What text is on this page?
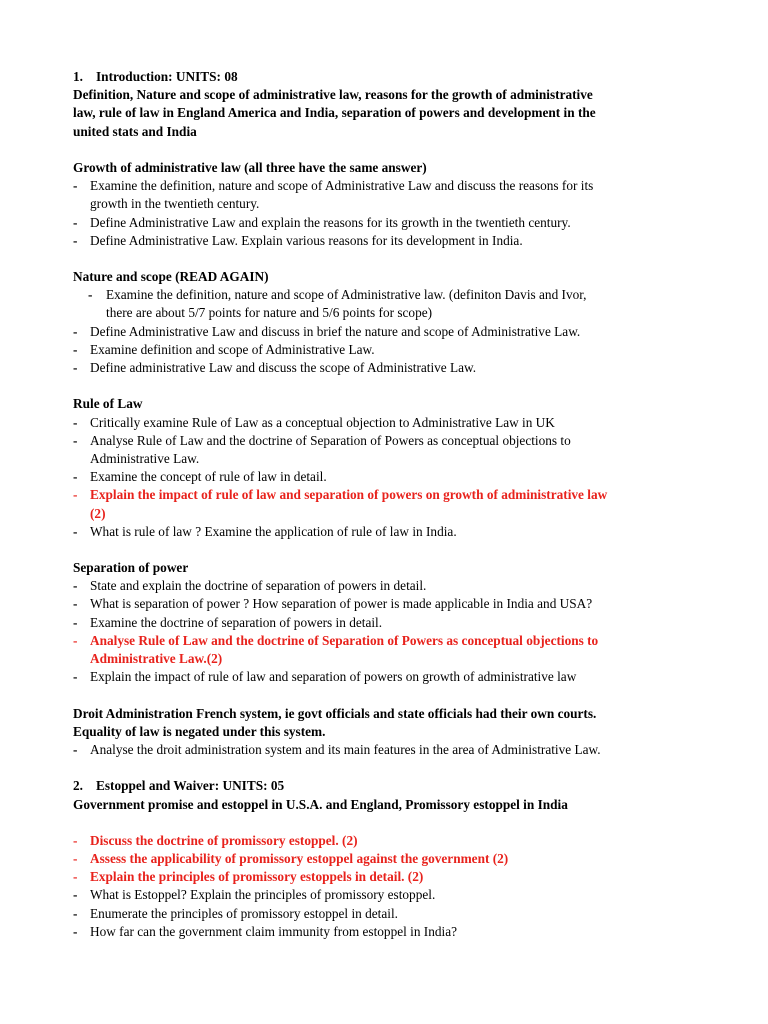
1. Introduction: UNITS: 08
Definition, Nature and scope of administrative law, reasons for the growth of administrative
law, rule of law in England America and India, separation of powers and development in the
united stats and India
Growth of administrative law (all three have the same answer)
- Examine the definition, nature and scope of Administrative Law and discuss the reasons for its
growth in the twentieth century.
- Define Administrative Law and explain the reasons for its growth in the twentieth century.
- Define Administrative Law. Explain various reasons for its development in India.
Nature and scope (READ AGAIN)
- Examine the definition, nature and scope of Administrative law. (definiton Davis and Ivor,
there are about 5/7 points for nature and 5/6 points for scope)
- Define Administrative Law and discuss in brief the nature and scope of Administrative Law.
- Examine definition and scope of Administrative Law.
- Define administrative Law and discuss the scope of Administrative Law.
Rule of Law
- Critically examine Rule of Law as a conceptual objection to Administrative Law in UK
- Analyse Rule of Law and the doctrine of Separation of Powers as conceptual objections to
Administrative Law.
- Examine the concept of rule of law in detail.
- Explain the impact of rule of law and separation of powers on growth of administrative law
(2)
- What is rule of law ? Examine the application of rule of law in India.
Separation of power
- State and explain the doctrine of separation of powers in detail.
- What is separation of power ? How separation of power is made applicable in India and USA?
- Examine the doctrine of separation of powers in detail.
- Analyse Rule of Law and the doctrine of Separation of Powers as conceptual objections to
Administrative Law.(2)
- Explain the impact of rule of law and separation of powers on growth of administrative law
Droit Administration French system, ie govt officials and state officials had their own courts.
Equality of law is negated under this system.
- Analyse the droit administration system and its main features in the area of Administrative Law.
2. Estoppel and Waiver: UNITS: 05
Government promise and estoppel in U.S.A. and England, Promissory estoppel in India
- Discuss the doctrine of promissory estoppel. (2)
- Assess the applicability of promissory estoppel against the government (2)
- Explain the principles of promissory estoppels in detail. (2)
- What is Estoppel? Explain the principles of promissory estoppel.
- Enumerate the principles of promissory estoppel in detail.
- How far can the government claim immunity from estoppel in India?
